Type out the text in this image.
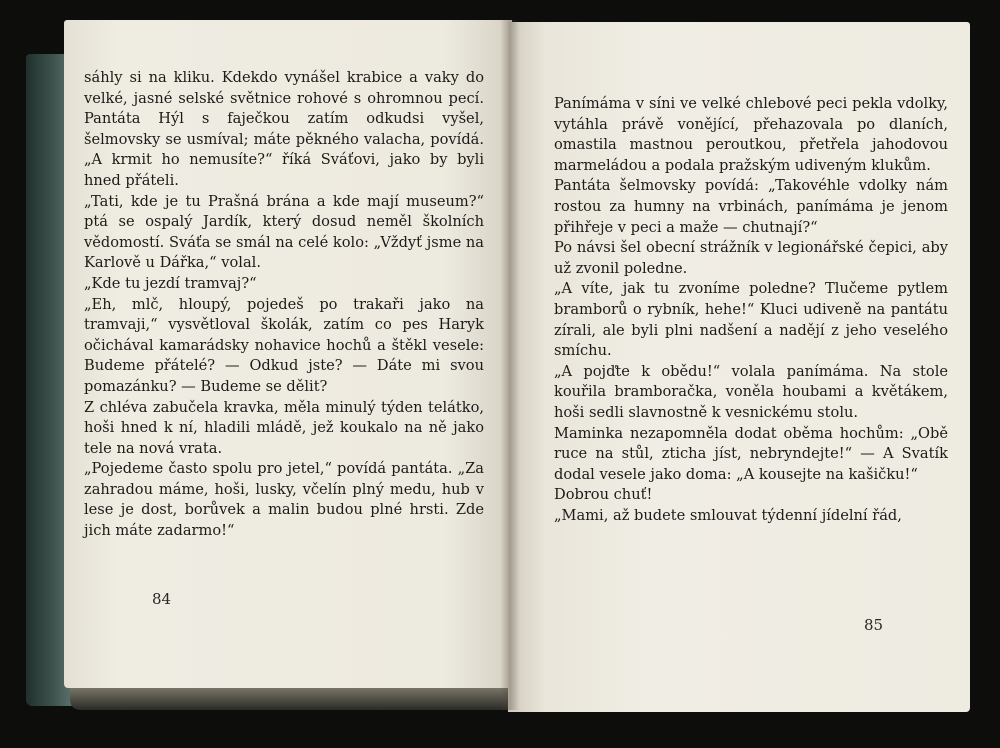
sáhly si na kliku. Kdekdo vynášel krabice a vaky do velké, jasné selské světnice rohové s ohromnou pecí. Pantáta Hýl s faječkou zatím odkudsi vyšel, šelmovsky se usmíval; máte pěkného valacha, povídá. „A krmit ho nemusíte?“ říká Sváťovi, jako by byli hned přáteli.

„Tati, kde je tu Prašná brána a kde mají museum?“ ptá se ospalý Jardík, který dosud neměl školních vědomostí. Sváťa se smál na celé kolo: „Vždyť jsme na Karlově u Dářka,“ volal.

„Kde tu jezdí tramvaj?“

„Eh, mlč, hloupý, pojedeš po trakaři jako na tramvaji,“ vysvětloval školák, zatím co pes Haryk očichával kamarádsky nohavice hochů a štěkl vesele: Budeme přátelé? — Odkud jste? — Dáte mi svou pomazánku? — Budeme se dělit?

Z chléva zabučela kravka, měla minulý týden telátko, hoši hned k ní, hladili mládě, jež koukalo na ně jako tele na nová vrata.

„Pojedeme často spolu pro jetel,“ povídá pantáta. „Za zahradou máme, hoši, lusky, včelín plný medu, hub v lese je dost, borůvek a malin budou plné hrsti. Zde jich máte zadarmo!“

84

Panímáma v síni ve velké chlebové peci pekla vdolky, vytáhla právě vonějící, přehazovala po dlaních, omastila mastnou peroutkou, přetřela jahodovou marmeládou a podala pražským udiveným klukům.

Pantáta šelmovsky povídá: „Takovéhle vdolky nám rostou za humny na vrbinách, panímáma je jenom přihřeje v peci a maže — chutnají?“

Po návsi šel obecní strážník v legionářské čepici, aby už zvonil poledne.

„A víte, jak tu zvoníme poledne? Tlučeme pytlem bramborů o rybník, hehe!“ Kluci udiveně na pantátu zírali, ale byli plni nadšení a nadějí z jeho veselého smíchu.

„A pojďte k obědu!“ volala panímáma. Na stole kouřila bramboračka, voněla houbami a květákem, hoši sedli slavnostně k vesnickému stolu.

Maminka nezapomněla dodat oběma hochům: „Obě ruce na stůl, zticha jíst, nebryndejte!“ — A Svatík dodal vesele jako doma: „A kousejte na kašičku!“

Dobrou chuť!

„Mami, až budete smlouvat týdenní jídelní řád,

85
